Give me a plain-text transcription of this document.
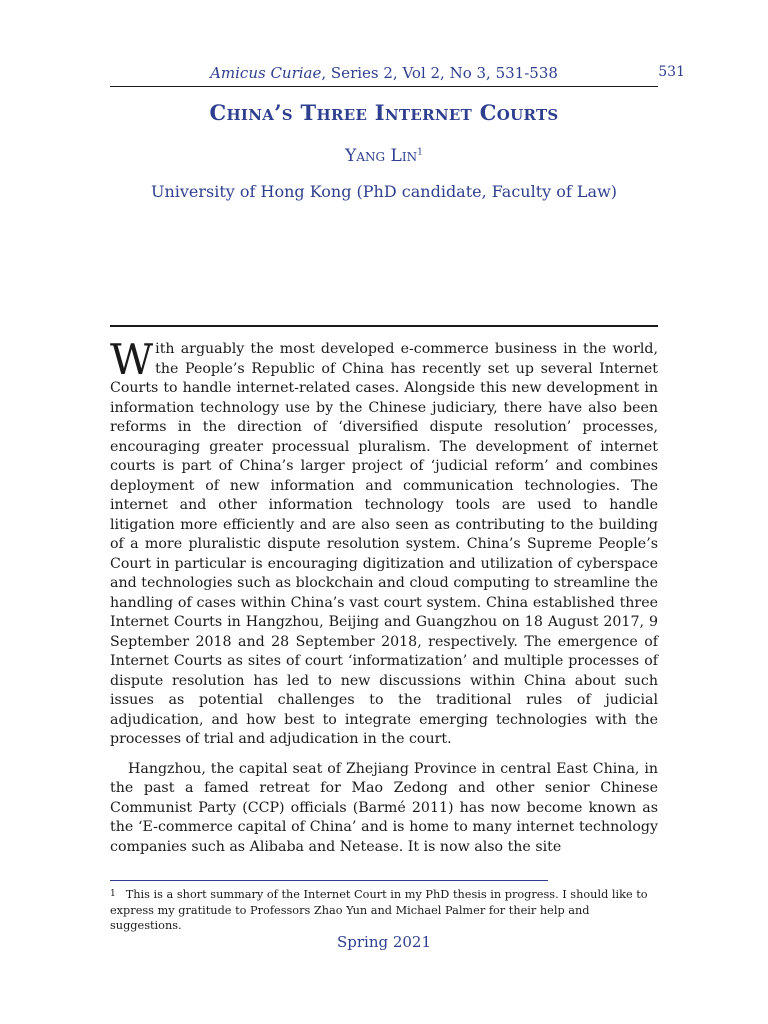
Amicus Curiae, Series 2, Vol 2, No 3, 531-538	531
China’s Three Internet Courts
Yang Lin$^1$
University of Hong Kong (PhD candidate, Faculty of Law)

With arguably the most developed e-commerce business in the world, the People’s Republic of China has recently set up several Internet Courts to handle internet-related cases. Alongside this new development in information technology use by the Chinese judiciary, there have also been reforms in the direction of ‘diversified dispute resolution’ processes, encouraging greater processual pluralism. The development of internet courts is part of China’s larger project of ‘judicial reform’ and combines deployment of new information and communication technologies. The internet and other information technology tools are used to handle litigation more efficiently and are also seen as contributing to the building of a more pluralistic dispute resolution system. China’s Supreme People’s Court in particular is encouraging digitization and utilization of cyberspace and technologies such as blockchain and cloud computing to streamline the handling of cases within China’s vast court system. China established three Internet Courts in Hangzhou, Beijing and Guangzhou on 18 August 2017, 9 September 2018 and 28 September 2018, respectively. The emergence of Internet Courts as sites of court ‘informatization’ and multiple processes of dispute resolution has led to new discussions within China about such issues as potential challenges to the traditional rules of judicial adjudication, and how best to integrate emerging technologies with the processes of trial and adjudication in the court.

Hangzhou, the capital seat of Zhejiang Province in central East China, in the past a famed retreat for Mao Zedong and other senior Chinese Communist Party (CCP) officials (Barmé 2011) has now become known as the ‘E-commerce capital of China’ and is home to many internet technology companies such as Alibaba and Netease. It is now also the site

$^1$ This is a short summary of the Internet Court in my PhD thesis in progress. I should like to express my gratitude to Professors Zhao Yun and Michael Palmer for their help and suggestions.
Spring 2021
